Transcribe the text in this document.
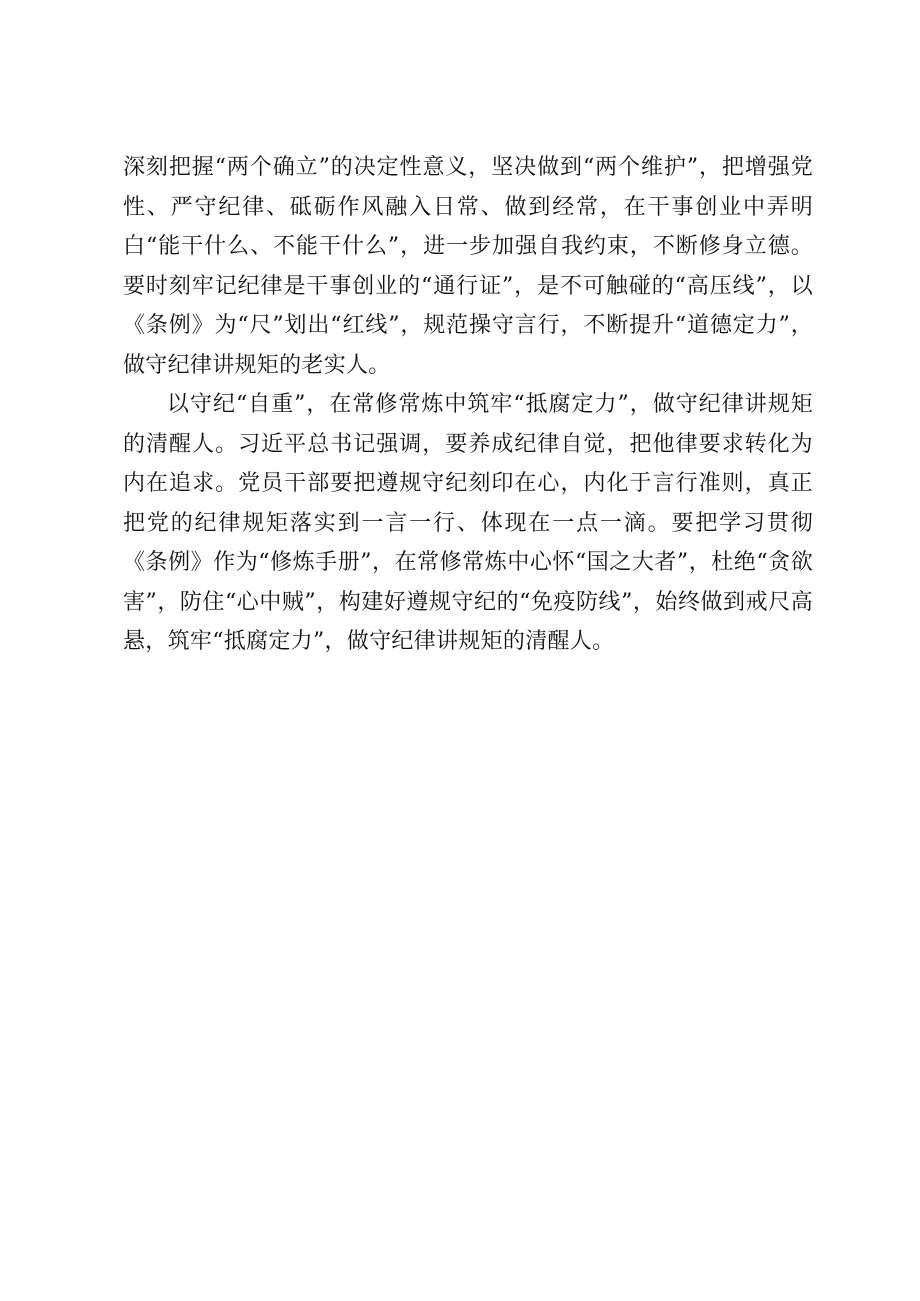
深刻把握“两个确立”的决定性意义，坚决做到“两个维护”，把增强党性、严守纪律、砥砺作风融入日常、做到经常，在干事创业中弄明白“能干什么、不能干什么”，进一步加强自我约束，不断修身立德。要时刻牢记纪律是干事创业的“通行证”，是不可触碰的“高压线”，以《条例》为“尺”划出“红线”，规范操守言行，不断提升“道德定力”，做守纪律讲规矩的老实人。

以守纪“自重”，在常修常炼中筑牢“抵腐定力”，做守纪律讲规矩的清醒人。习近平总书记强调，要养成纪律自觉，把他律要求转化为内在追求。党员干部要把遵规守纪刻印在心，内化于言行准则，真正把党的纪律规矩落实到一言一行、体现在一点一滴。要把学习贯彻《条例》作为“修炼手册”，在常修常炼中心怀“国之大者”，杜绝“贪欲害”，防住“心中贼”，构建好遵规守纪的“免疫防线”，始终做到戒尺高悬，筑牢“抵腐定力”，做守纪律讲规矩的清醒人。
